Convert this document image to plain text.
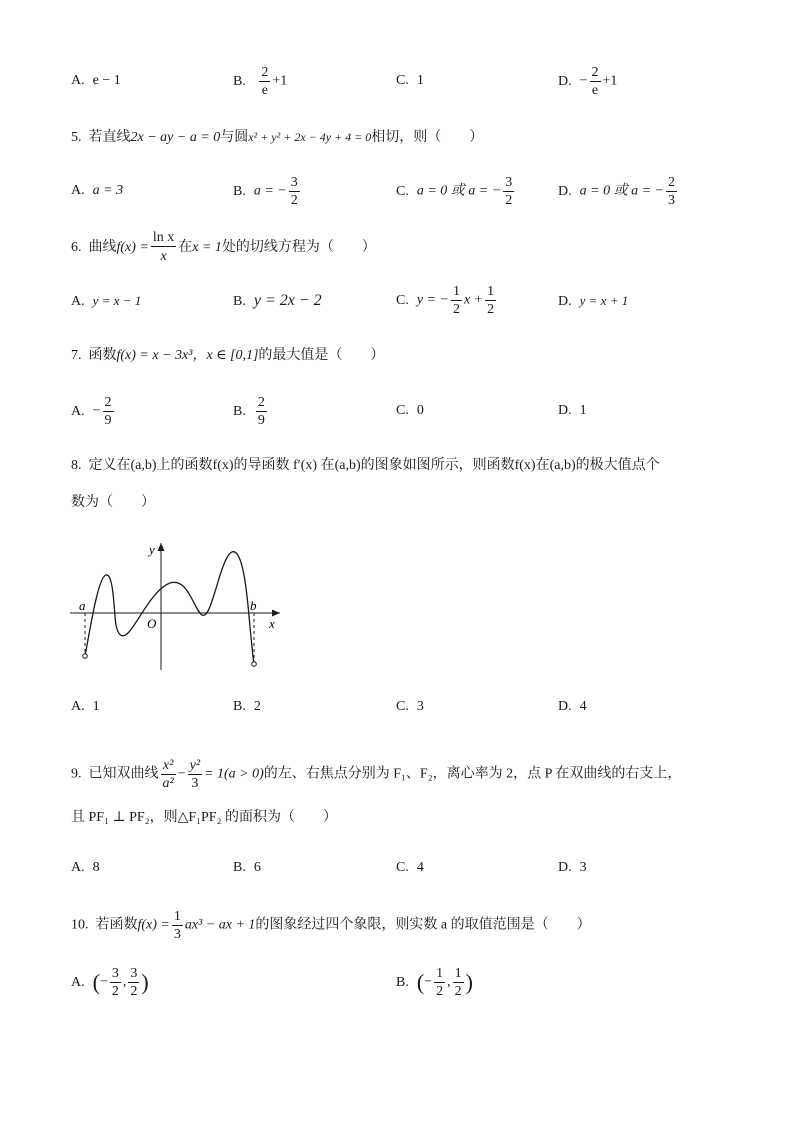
A. e − 1	B. $\frac{2}{e} +1$	C. 1	D. − $\frac{2}{e} +1$
5. 若直线2x − ay − a = 0与圆x² + y² + 2x − 4y + 4 = 0相切，则（　　）
A. a = 3	B. a = − $\frac{3}{2}$	C. a = 0 或 a = − $\frac{3}{2}$	D. a = 0 或 a = − $\frac{2}{3}$
6. 曲线$f(x) = \frac{\text{ln x}}{x}$ 在x = 1处的切线方程为（　　）
A. y = x − 1	B. y = 2x − 2	C. y = − $\frac{1}{2}$ $x + \frac{1}{2}$	D. y = x + 1
7. 函数f(x) = x − 3x³，x ∈ [0,1]的最大值是（　　）
A. − $\frac{2}{9}$	B. $\frac{2}{9}$	C. 0	D. 1
8. 定义在(a,b)上的函数f(x)的导函数 f′(x) 在(a,b)的图象如图所示，则函数f(x)在(a,b)的极大值点个
数为（　　）
y
x
O
a	b
A. 1	B. 2	C. 3	D. 4
9. 已知双曲线 $\frac{\text{x²}}{\text{a²}} - \frac{\text{y²}}{3} = 1(a > 0)$的左、右焦点分别为 F₁、F₂，离心率为 2，点 P 在双曲线的右支上，
且 PF₁ ⊥ PF₂，则△F₁PF₂ 的面积为（　　）
A. 8	B. 6	C. 4	D. 3
10. 若函数$f(x) = \frac{1}{3} ax^3$ − ax + 1的图象经过四个象限，则实数 a 的取值范围是（　　）
A. (− $\frac{3}{2}$ , $\frac{3}{2}$ )	B. (− $\frac{1}{2}$ , $\frac{1}{2}$ )
